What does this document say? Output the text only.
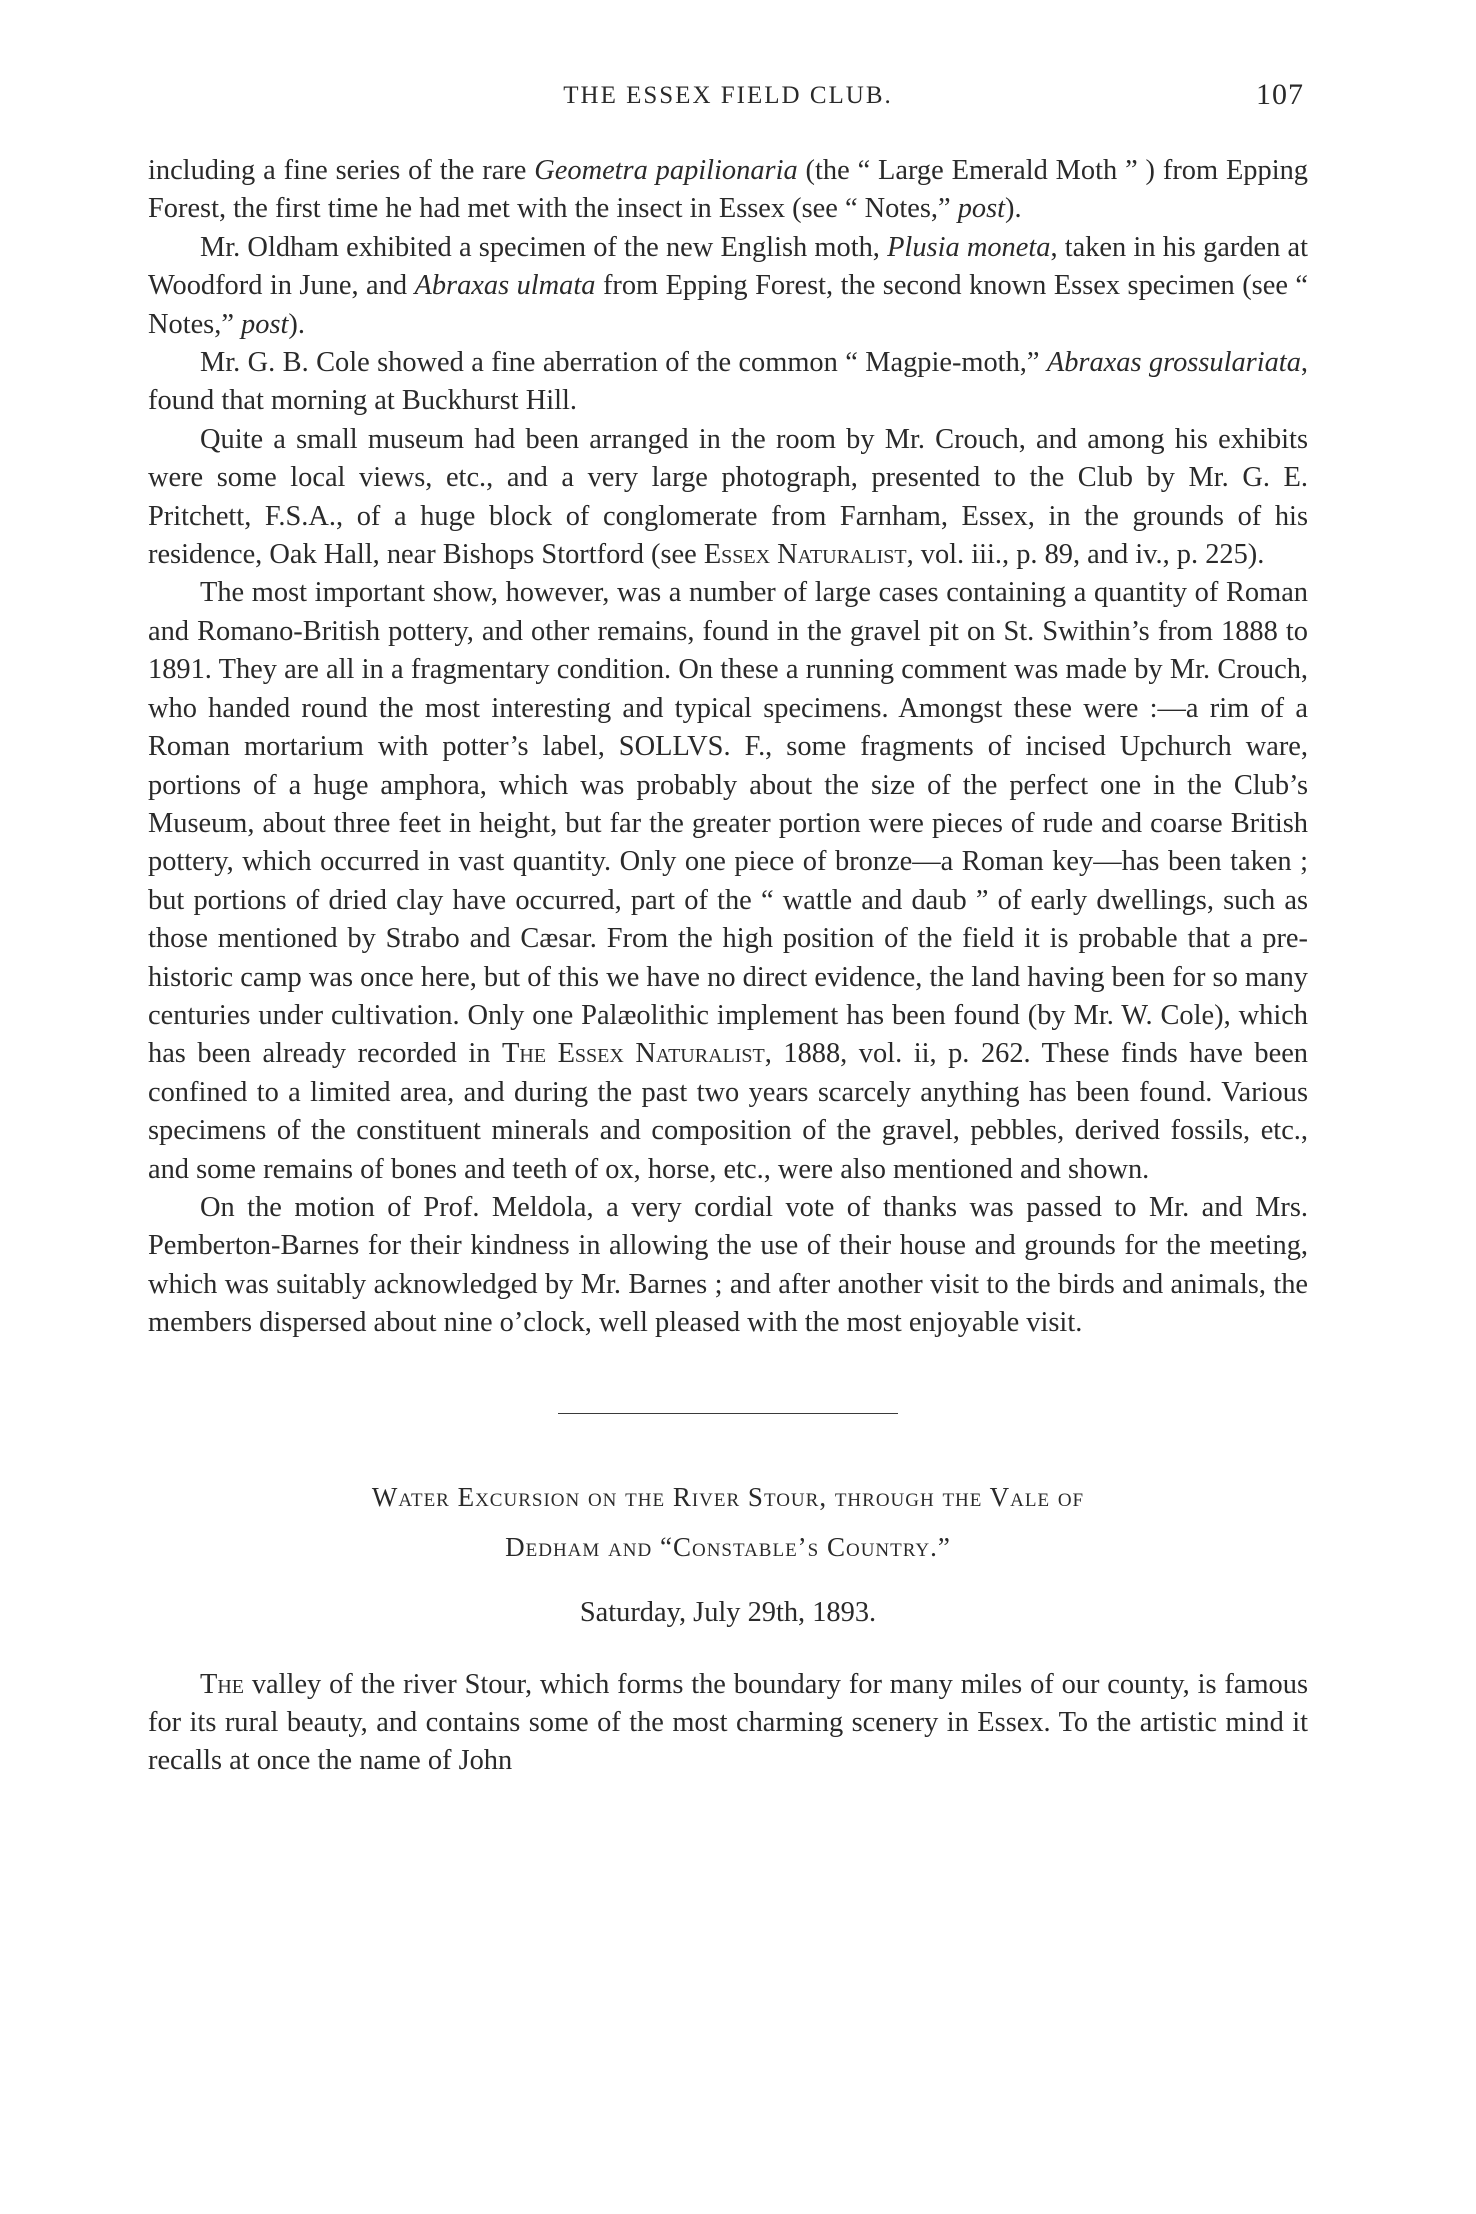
THE ESSEX FIELD CLUB.	107

including a fine series of the rare Geometra papilionaria (the “ Large Emerald Moth ” ) from Epping Forest, the first time he had met with the insect in Essex (see “ Notes,” post).

Mr. Oldham exhibited a specimen of the new English moth, Plusia moneta, taken in his garden at Woodford in June, and Abraxas ulmata from Epping Forest, the second known Essex specimen (see “ Notes,” post).

Mr. G. B. Cole showed a fine aberration of the common “ Magpie-moth,” Abraxas grossulariata, found that morning at Buckhurst Hill.

Quite a small museum had been arranged in the room by Mr. Crouch, and among his exhibits were some local views, etc., and a very large photograph, presented to the Club by Mr. G. E. Pritchett, F.S.A., of a huge block of conglomerate from Farnham, Essex, in the grounds of his residence, Oak Hall, near Bishops Stortford (see Essex Naturalist, vol. iii., p. 89, and iv., p. 225).

The most important show, however, was a number of large cases containing a quantity of Roman and Romano-British pottery, and other remains, found in the gravel pit on St. Swithin’s from 1888 to 1891. They are all in a fragmentary condition. On these a running comment was made by Mr. Crouch, who handed round the most interesting and typical specimens. Amongst these were :—a rim of a Roman mortarium with potter’s label, SOLLVS. F., some fragments of incised Upchurch ware, portions of a huge amphora, which was probably about the size of the perfect one in the Club’s Museum, about three feet in height, but far the greater portion were pieces of rude and coarse British pottery, which occurred in vast quantity. Only one piece of bronze—a Roman key—has been taken ; but portions of dried clay have occurred, part of the “ wattle and daub ” of early dwellings, such as those mentioned by Strabo and Cæsar. From the high position of the field it is probable that a pre-historic camp was once here, but of this we have no direct evidence, the land having been for so many centuries under cultivation. Only one Palæolithic implement has been found (by Mr. W. Cole), which has been already recorded in The Essex Naturalist, 1888, vol. ii, p. 262. These finds have been confined to a limited area, and during the past two years scarcely anything has been found. Various specimens of the constituent minerals and composition of the gravel, pebbles, derived fossils, etc., and some remains of bones and teeth of ox, horse, etc., were also mentioned and shown.

On the motion of Prof. Meldola, a very cordial vote of thanks was passed to Mr. and Mrs. Pemberton-Barnes for their kindness in allowing the use of their house and grounds for the meeting, which was suitably acknowledged by Mr. Barnes ; and after another visit to the birds and animals, the members dispersed about nine o’clock, well pleased with the most enjoyable visit.

Water Excursion on the River Stour, through the Vale of
Dedham and “Constable’s Country.”
Saturday, July 29th, 1893.

The valley of the river Stour, which forms the boundary for many miles of our county, is famous for its rural beauty, and contains some of the most charming scenery in Essex. To the artistic mind it recalls at once the name of John
